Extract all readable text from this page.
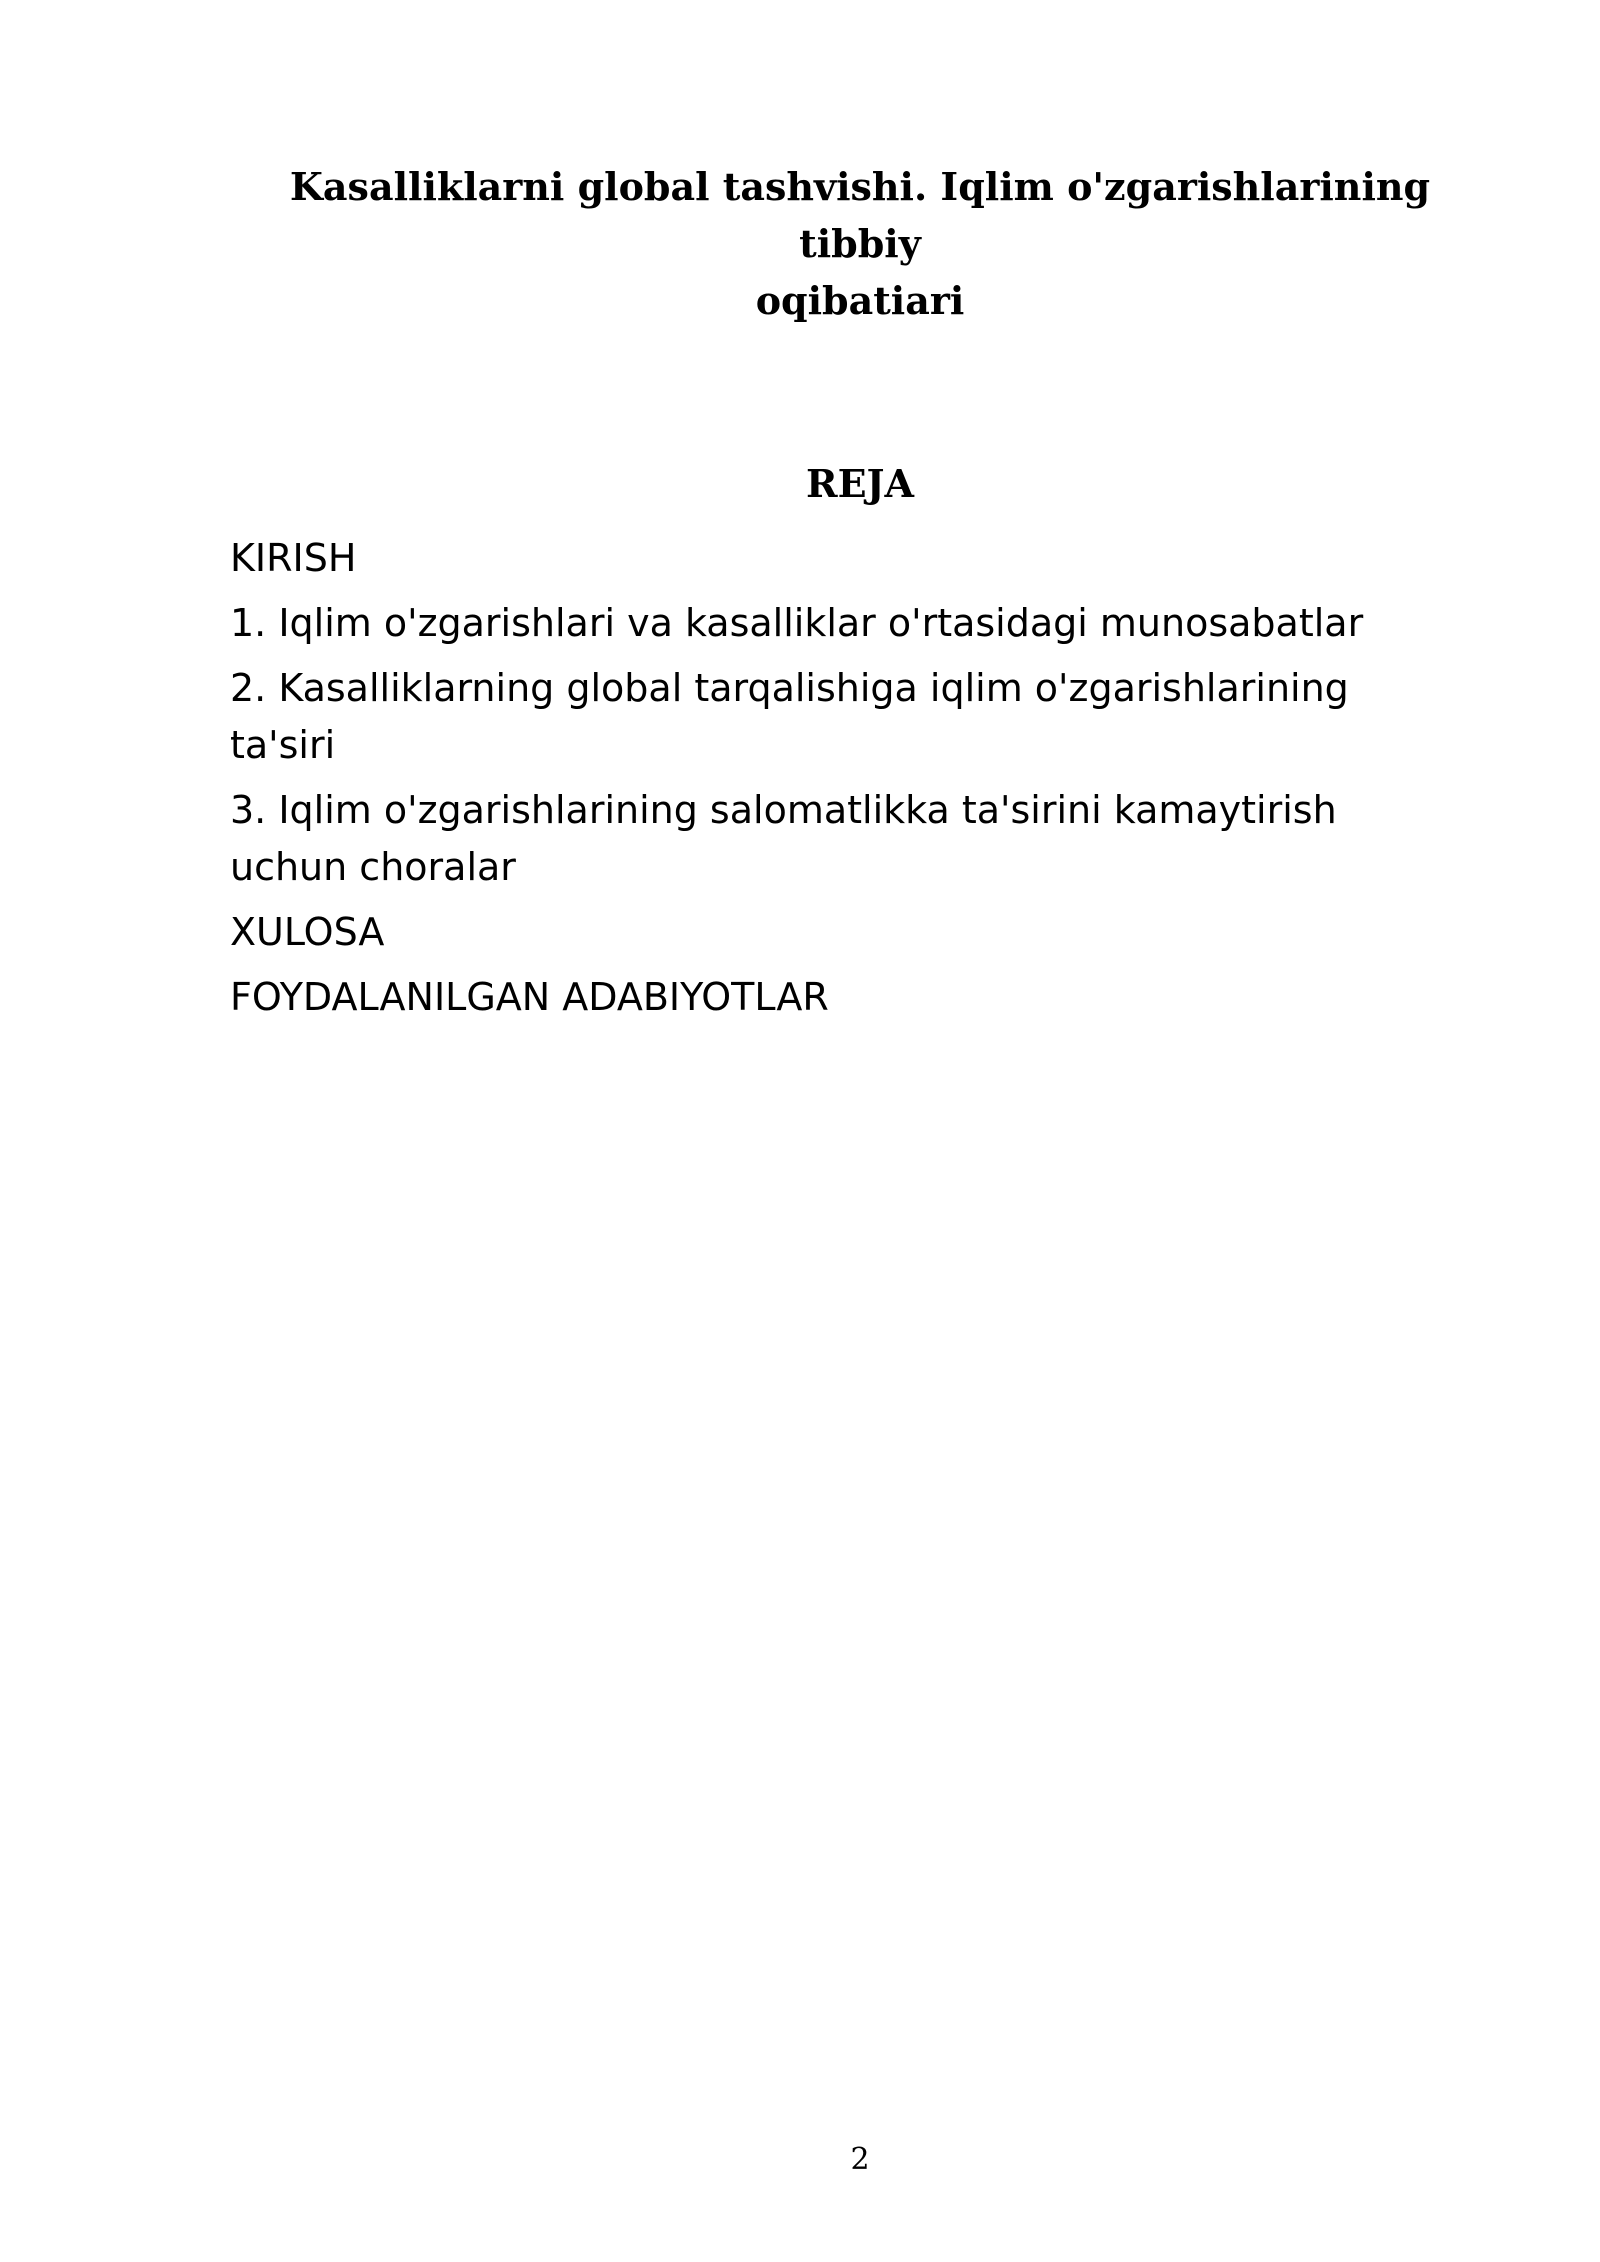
Kasalliklarni global tashvishi. Iqlim o'zgarishlarining
tibbiy
oqibatiari
REJA

KIRISH

1. Iqlim o'zgarishlari va kasalliklar o'rtasidagi munosabatlar

2. Kasalliklarning global tarqalishiga iqlim o'zgarishlarining ta'siri

3. Iqlim o'zgarishlarining salomatlikka ta'sirini kamaytirish uchun choralar

XULOSA

FOYDALANILGAN ADABIYOTLAR

2
